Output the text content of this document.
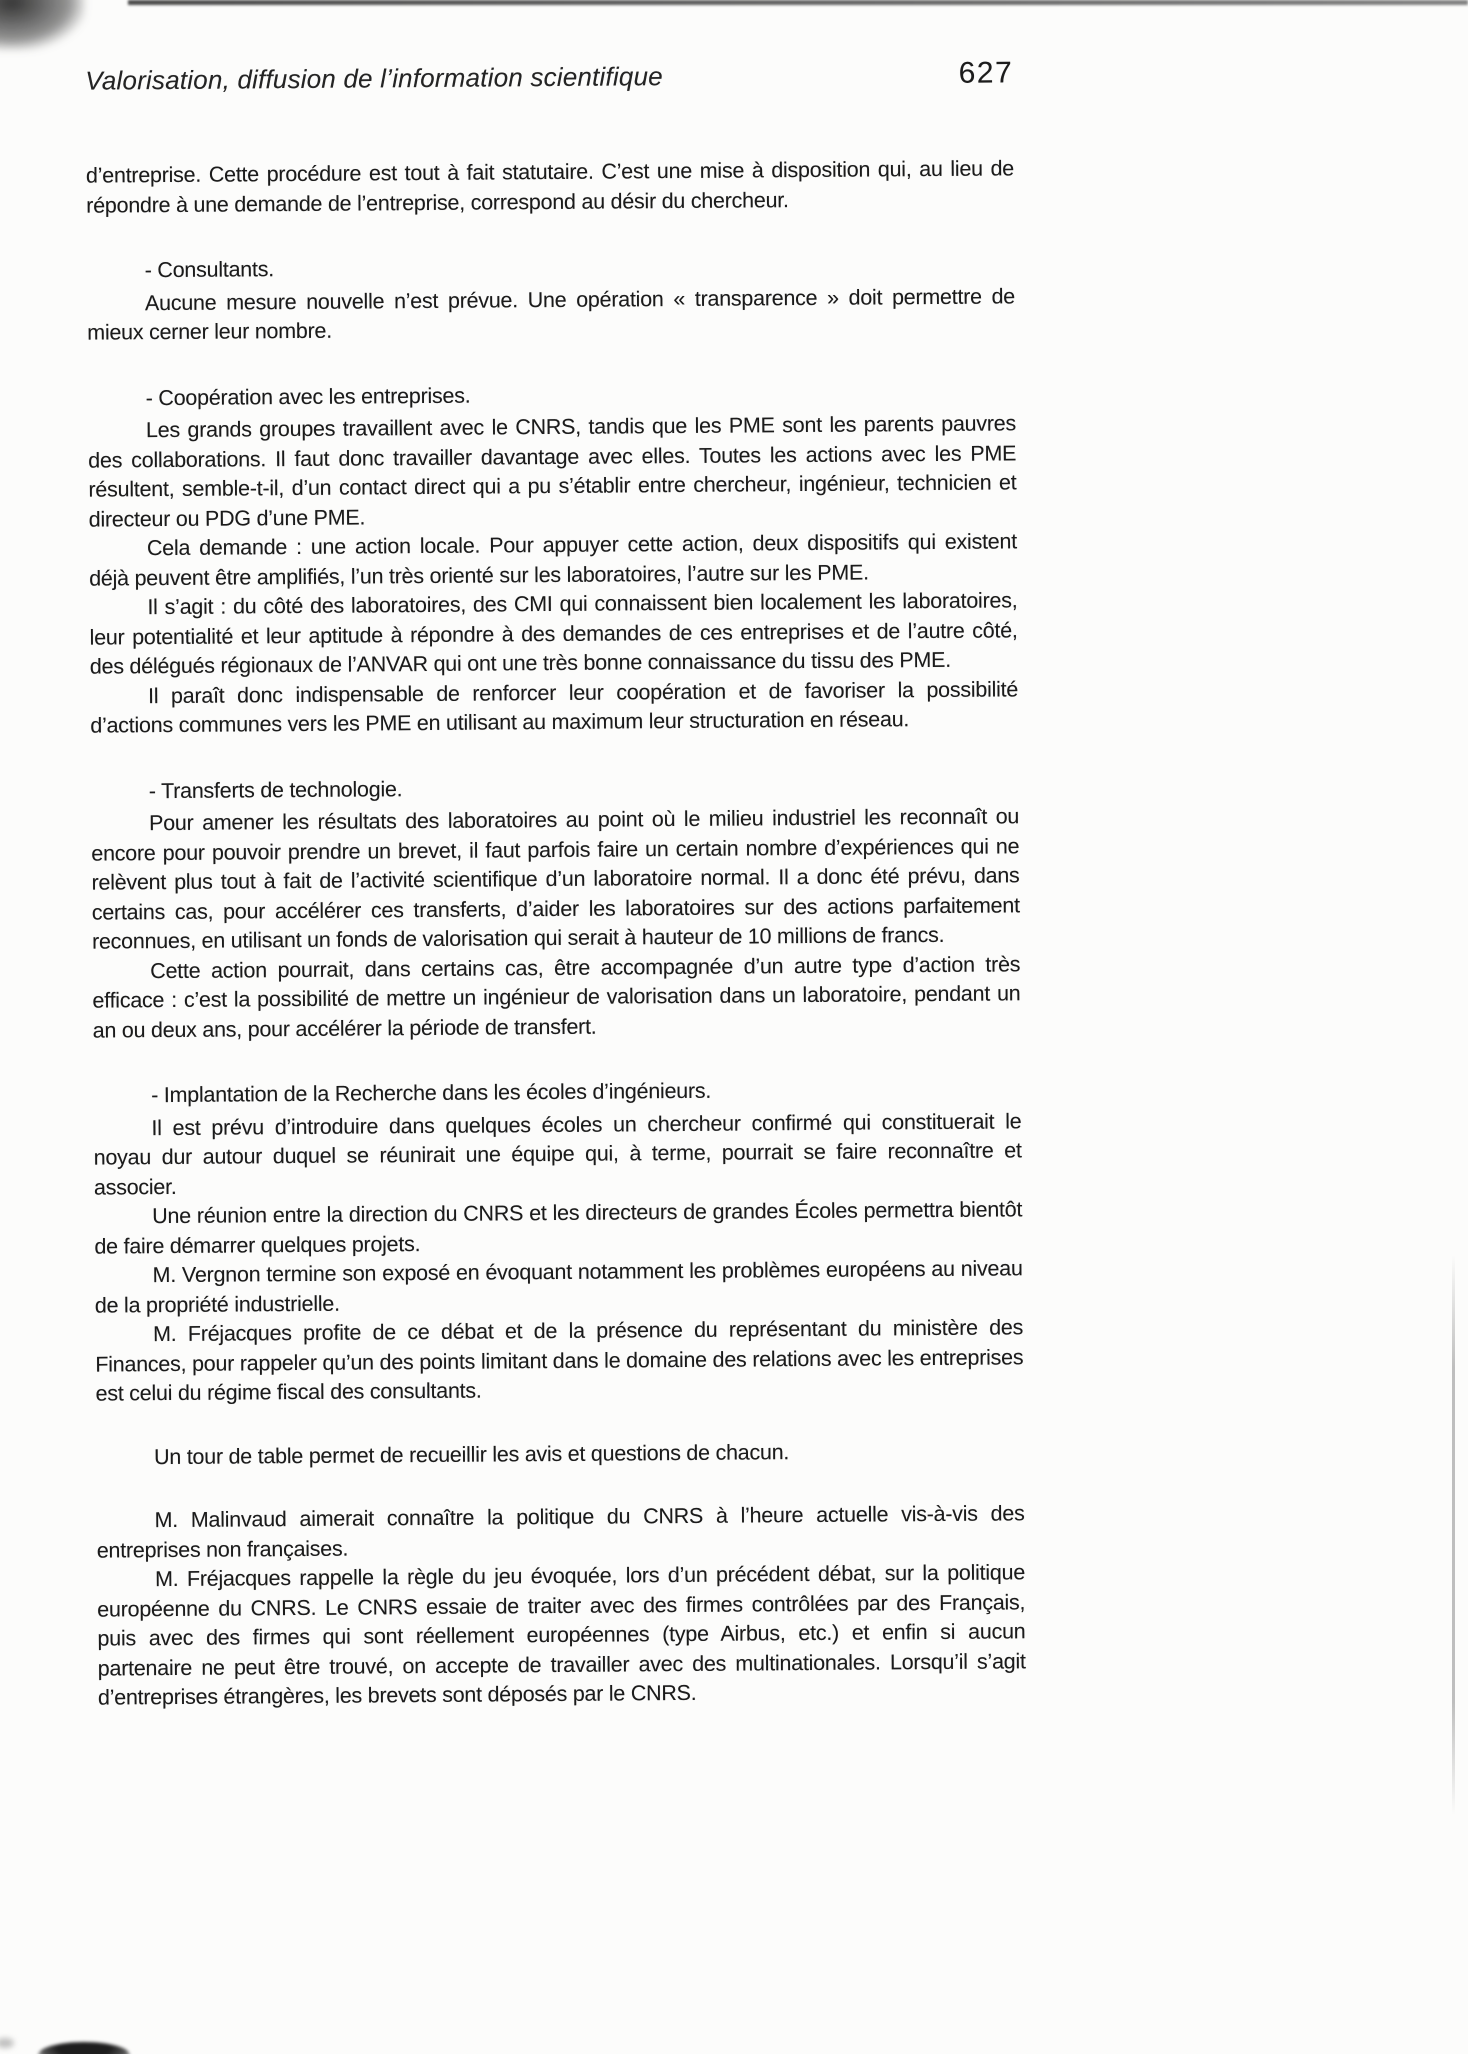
Valorisation, diffusion de l’information scientifique	627

d’entreprise. Cette procédure est tout à fait statutaire. C’est une mise à disposition qui, au lieu de répondre à une demande de l’entreprise, correspond au désir du chercheur.

- Consultants.

Aucune mesure nouvelle n’est prévue. Une opération « transparence » doit permettre de mieux cerner leur nombre.

- Coopération avec les entreprises.

Les grands groupes travaillent avec le CNRS, tandis que les PME sont les parents pauvres des collaborations. Il faut donc travailler davantage avec elles. Toutes les actions avec les PME résultent, semble-t-il, d’un contact direct qui a pu s’établir entre chercheur, ingénieur, technicien et directeur ou PDG d’une PME.

Cela demande : une action locale. Pour appuyer cette action, deux dispositifs qui existent déjà peuvent être amplifiés, l’un très orienté sur les laboratoires, l’autre sur les PME.

Il s’agit : du côté des laboratoires, des CMI qui connaissent bien localement les laboratoires, leur potentialité et leur aptitude à répondre à des demandes de ces entreprises et de l’autre côté, des délégués régionaux de l’ANVAR qui ont une très bonne connaissance du tissu des PME.

Il paraît donc indispensable de renforcer leur coopération et de favoriser la possibilité d’actions communes vers les PME en utilisant au maximum leur structuration en réseau.

- Transferts de technologie.

Pour amener les résultats des laboratoires au point où le milieu industriel les reconnaît ou encore pour pouvoir prendre un brevet, il faut parfois faire un certain nombre d’expériences qui ne relèvent plus tout à fait de l’activité scientifique d’un laboratoire normal. Il a donc été prévu, dans certains cas, pour accélérer ces transferts, d’aider les laboratoires sur des actions parfaitement reconnues, en utilisant un fonds de valorisation qui serait à hauteur de 10 millions de francs.

Cette action pourrait, dans certains cas, être accompagnée d’un autre type d’action très efficace : c’est la possibilité de mettre un ingénieur de valorisation dans un laboratoire, pendant un an ou deux ans, pour accélérer la période de transfert.

- Implantation de la Recherche dans les écoles d’ingénieurs.

Il est prévu d’introduire dans quelques écoles un chercheur confirmé qui constituerait le noyau dur autour duquel se réunirait une équipe qui, à terme, pourrait se faire reconnaître et associer.

Une réunion entre la direction du CNRS et les directeurs de grandes Écoles permettra bientôt de faire démarrer quelques projets.

M. Vergnon termine son exposé en évoquant notamment les problèmes européens au niveau de la propriété industrielle.

M. Fréjacques profite de ce débat et de la présence du représentant du ministère des Finances, pour rappeler qu’un des points limitant dans le domaine des relations avec les entreprises est celui du régime fiscal des consultants.

Un tour de table permet de recueillir les avis et questions de chacun.

M. Malinvaud aimerait connaître la politique du CNRS à l’heure actuelle vis-à-vis des entreprises non françaises.

M. Fréjacques rappelle la règle du jeu évoquée, lors d’un précédent débat, sur la politique européenne du CNRS. Le CNRS essaie de traiter avec des firmes contrôlées par des Français, puis avec des firmes qui sont réellement européennes (type Airbus, etc.) et enfin si aucun partenaire ne peut être trouvé, on accepte de travailler avec des multinationales. Lorsqu’il s’agit d’entreprises étrangères, les brevets sont déposés par le CNRS.
